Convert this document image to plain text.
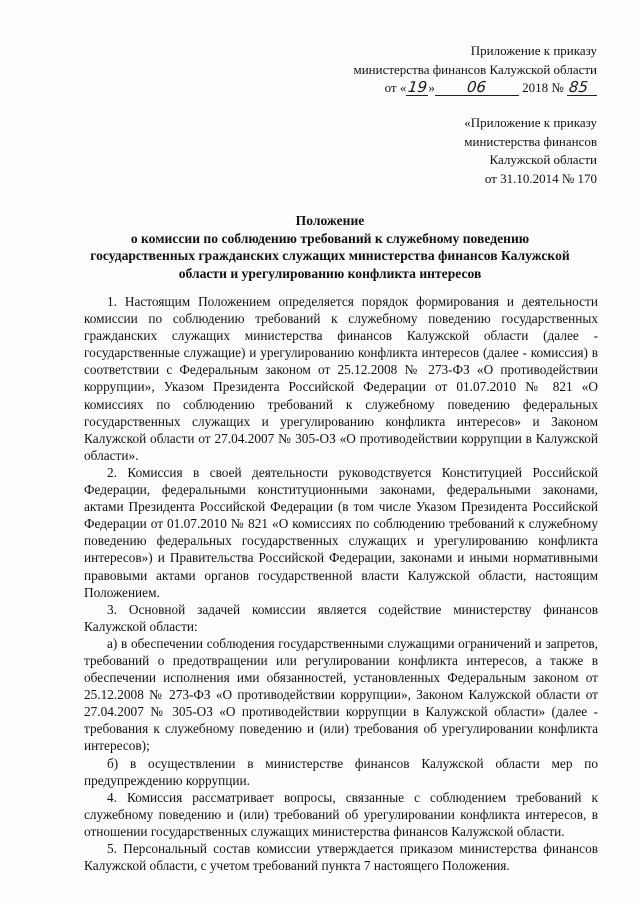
Приложение к приказу
министерства финансов Калужской области
от «19» 06	2018 № 85
«Приложение к приказу
министерства финансов
Калужской области
от 31.10.2014 № 170
Положение
о комиссии по соблюдению требований к служебному поведению
государственных гражданских служащих министерства финансов Калужской
области и урегулированию конфликта интересов

1. Настоящим Положением определяется порядок формирования и деятельности комиссии по соблюдению требований к служебному поведению государственных гражданских служащих министерства финансов Калужской области (далее - государственные служащие) и урегулированию конфликта интересов (далее - комиссия) в соответствии с Федеральным законом от 25.12.2008 № 273-ФЗ «О противодействии коррупции», Указом Президента Российской Федерации от 01.07.2010 № 821 «О комиссиях по соблюдению требований к служебному поведению федеральных государственных служащих и урегулированию конфликта интересов» и Законом Калужской области от 27.04.2007 № 305-ОЗ «О противодействии коррупции в Калужской области».

2. Комиссия в своей деятельности руководствуется Конституцией Российской Федерации, федеральными конституционными законами, федеральными законами, актами Президента Российской Федерации (в том числе Указом Президента Российской Федерации от 01.07.2010 № 821 «О комиссиях по соблюдению требований к служебному поведению федеральных государственных служащих и урегулированию конфликта интересов») и Правительства Российской Федерации, законами и иными нормативными правовыми актами органов государственной власти Калужской области, настоящим Положением.

3. Основной задачей комиссии является содействие министерству финансов Калужской области:

а) в обеспечении соблюдения государственными служащими ограничений и запретов, требований о предотвращении или регулировании конфликта интересов, а также в обеспечении исполнения ими обязанностей, установленных Федеральным законом от 25.12.2008 № 273-ФЗ «О противодействии коррупции», Законом Калужской области от 27.04.2007 № 305-ОЗ «О противодействии коррупции в Калужской области» (далее - требования к служебному поведению и (или) требования об урегулировании конфликта интересов);

б) в осуществлении в министерстве финансов Калужской области мер по предупреждению коррупции.

4. Комиссия рассматривает вопросы, связанные с соблюдением требований к служебному поведению и (или) требований об урегулировании конфликта интересов, в отношении государственных служащих министерства финансов Калужской области.

5. Персональный состав комиссии утверждается приказом министерства финансов Калужской области, с учетом требований пункта 7 настоящего Положения.
